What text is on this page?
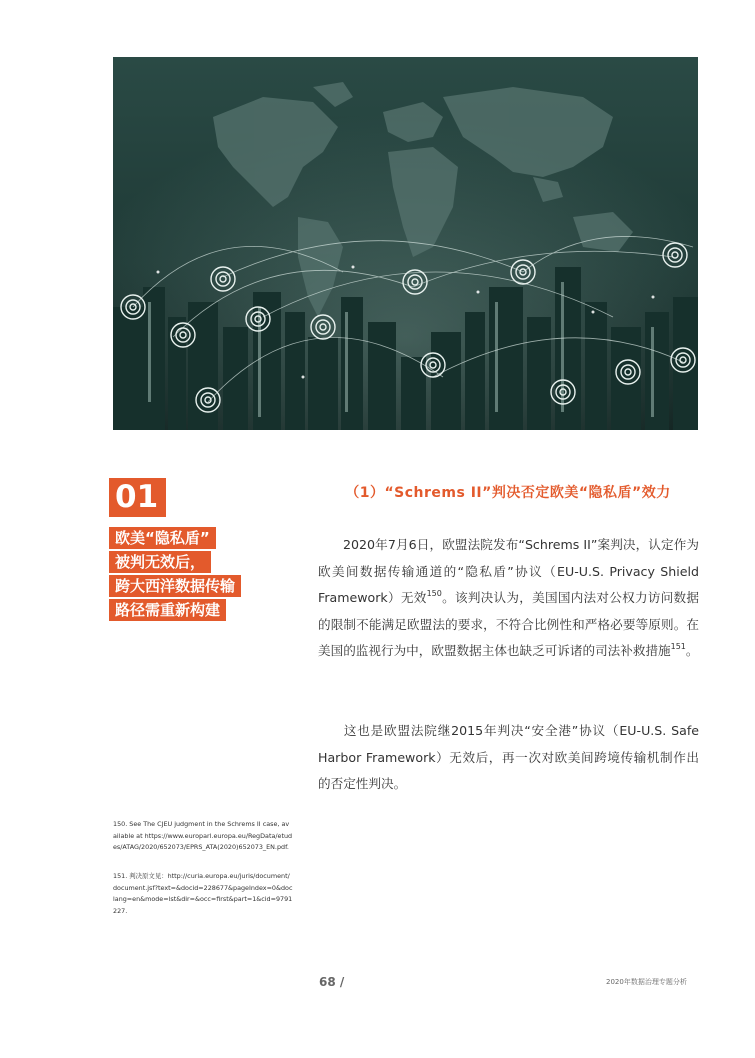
01
欧美“隐私盾”
被判无效后，
跨大西洋数据传输
路径需重新构建
（1）“Schrems II”判决否定欧美“隐私盾”效力

2020年7月6日，欧盟法院发布“Schrems II”案判决，认定作为欧美间数据传输通道的“隐私盾”协议（EU-U.S. Privacy Shield Framework）无效$^{150}$。该判决认为，美国国内法对公权力访问数据的限制不能满足欧盟法的要求，不符合比例性和严格必要等原则。在美国的监视行为中，欧盟数据主体也缺乏可诉诸的司法补救措施$^{151}$。

这也是欧盟法院继2015年判决“安全港”协议（EU-U.S. Safe Harbor Framework）无效后，再一次对欧美间跨境传输机制作出的否定性判决。

150. See The CJEU judgment in the Schrems II case, available at https://www.europarl.europa.eu/RegData/etudes/ATAG/2020/652073/EPRS_ATA(2020)652073_EN.pdf.

151. 判决原文见：http://curia.europa.eu/juris/document/document.jsf?text=&docid=228677&pageIndex=0&doclang=en&mode=lst&dir=&occ=first&part=1&cid=9791227.

68 /	2020年数据治理专题分析
